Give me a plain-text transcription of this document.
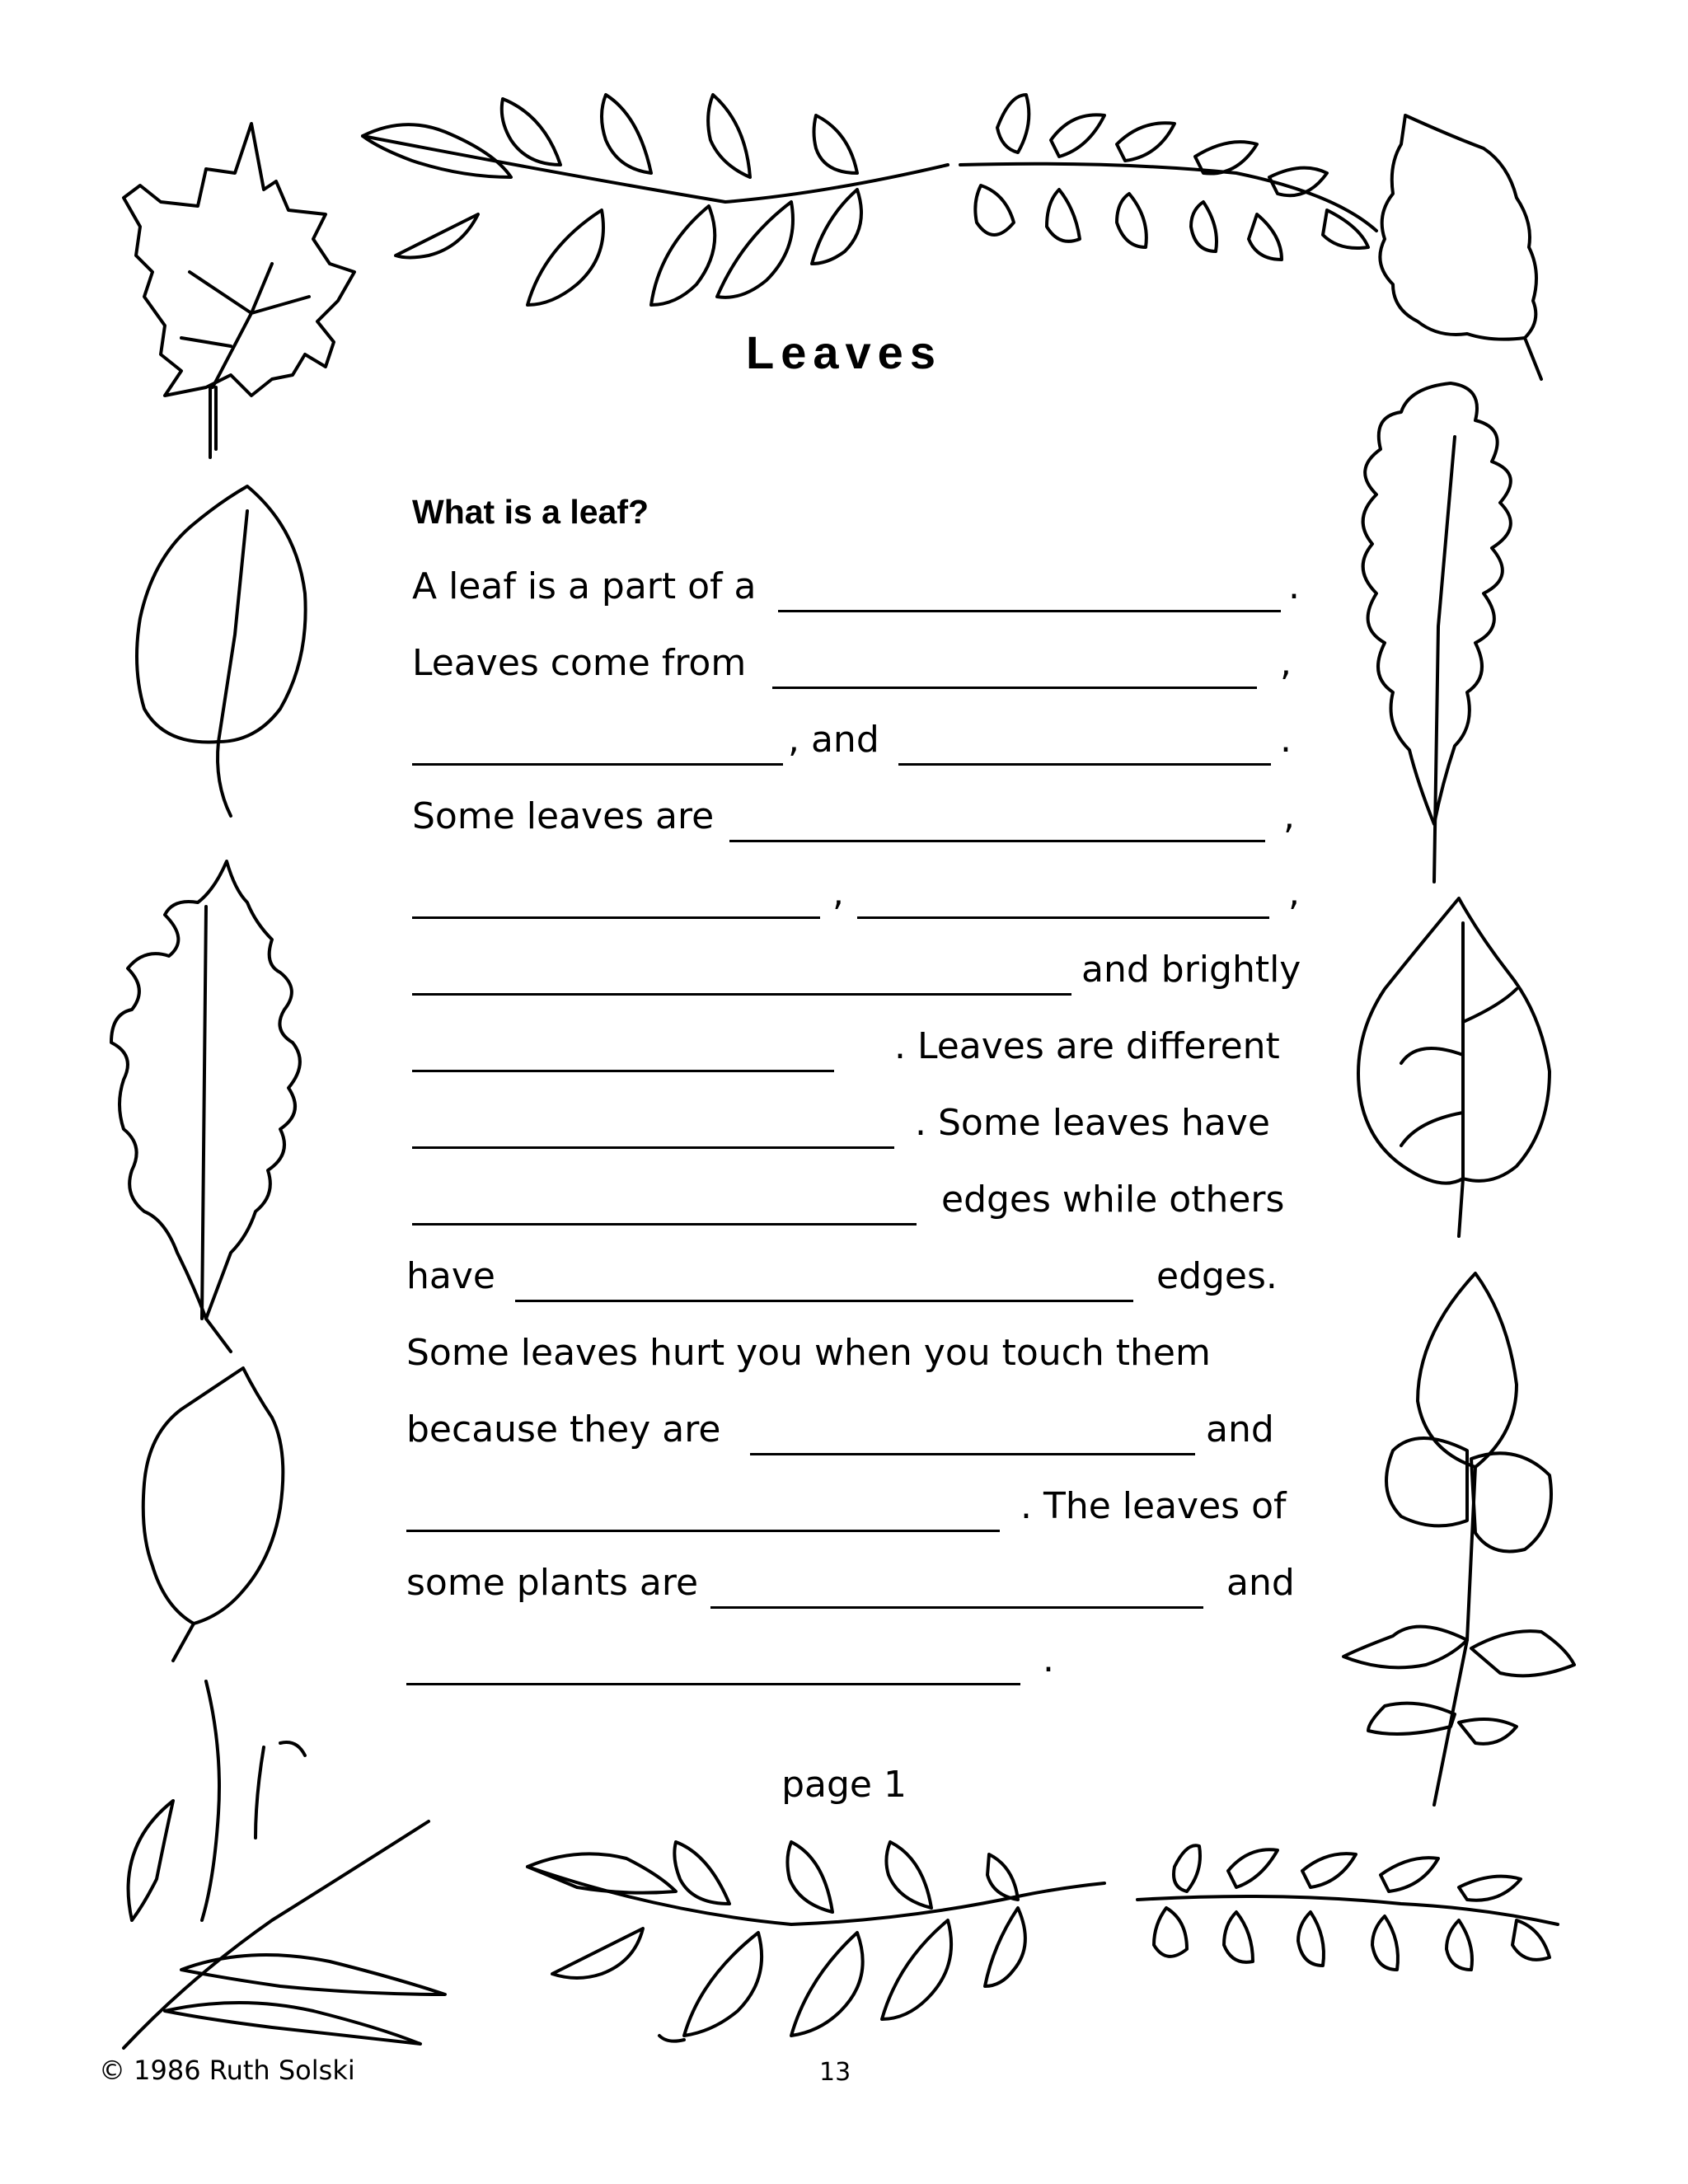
Leaves
What is a leaf?
A leaf is a part of a	.
Leaves come from	,
, and	.
Some leaves are	,
,	,
and brightly
. Leaves are different
. Some leaves have
edges while others
have	edges.
Some leaves hurt you when you touch them
because they are	and
. The leaves of
some plants are	and
.
page 1
© 1986 Ruth Solski	13
